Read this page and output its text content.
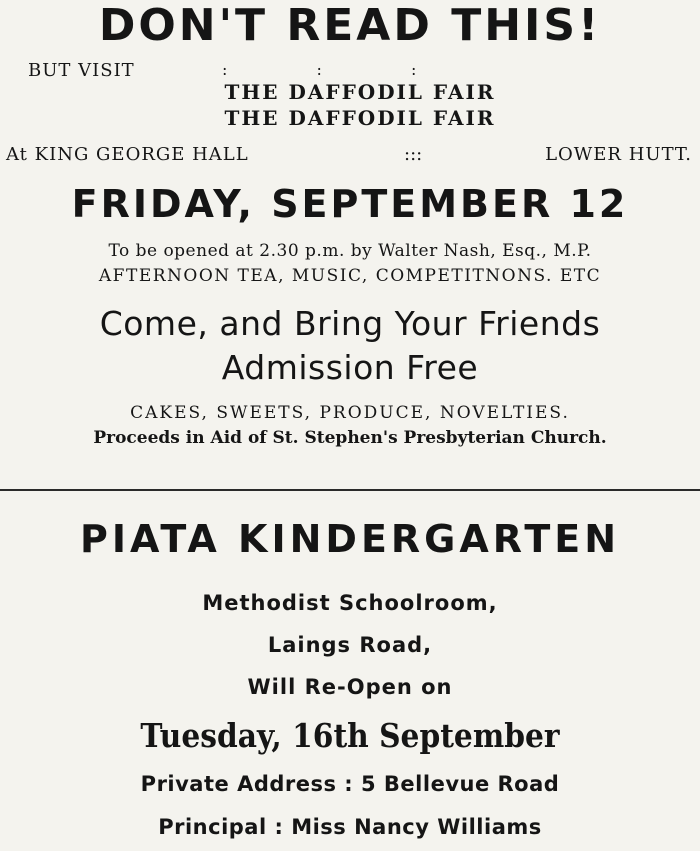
DON'T READ THIS!
BUT VISIT	: : :
THE DAFFODIL FAIR
THE DAFFODIL FAIR
At KING GEORGE HALL	:::	LOWER HUTT.
FRIDAY, SEPTEMBER 12
To be opened at 2.30 p.m. by Walter Nash, Esq., M.P.
AFTERNOON TEA, MUSIC, COMPETITNONS. ETC
Come, and Bring Your Friends
Admission Free
CAKES, SWEETS, PRODUCE, NOVELTIES.
Proceeds in Aid of St. Stephen's Presbyterian Church.
PIATA KINDERGARTEN
Methodist Schoolroom,
Laings Road,
Will Re-Open on
Tuesday, 16th September
Private Address : 5 Bellevue Road
Principal : Miss Nancy Williams
